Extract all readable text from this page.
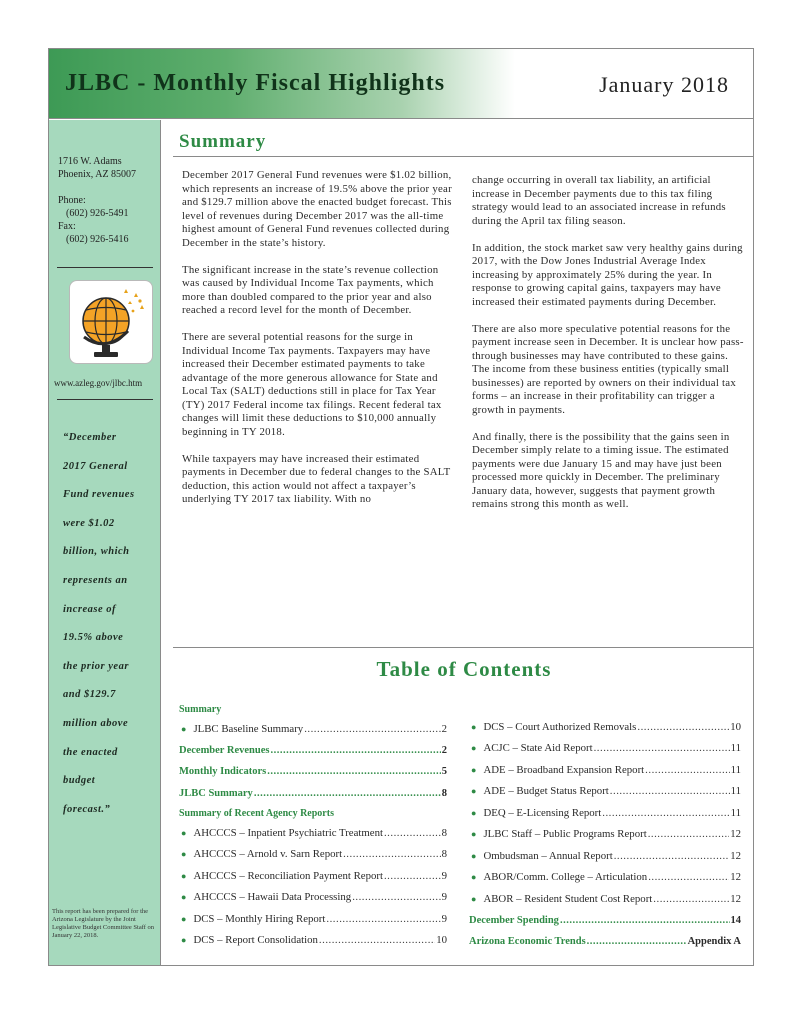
JLBC - Monthly Fiscal Highlights	January 2018
1716 W. Adams
Phoenix, AZ 85007
Phone:
(602) 926-5491
Fax:
(602) 926-5416
www.azleg.gov/jlbc.htm
“December
2017 General
Fund revenues
were $1.02
billion, which
represents an
increase of
19.5% above
the prior year
and $129.7
million above
the enacted
budget
forecast.”
This report has been prepared for the Arizona Legislature by the Joint Legislative Budget Committee Staff on January 22, 2018.
Summary

December 2017 General Fund revenues were $1.02 billion, which represents an increase of 19.5% above the prior year and $129.7 million above the enacted budget forecast. This level of revenues during December 2017 was the all-time highest amount of General Fund revenues collected during December in the state’s history.

The significant increase in the state’s revenue collection was caused by Individual Income Tax payments, which more than doubled compared to the prior year and also reached a record level for the month of December.

There are several potential reasons for the surge in Individual Income Tax payments. Taxpayers may have increased their December estimated payments to take advantage of the more generous allowance for State and Local Tax (SALT) deductions still in place for Tax Year (TY) 2017 Federal income tax filings. Recent federal tax changes will limit these deductions to $10,000 annually beginning in TY 2018.

While taxpayers may have increased their estimated payments in December due to federal changes to the SALT deduction, this action would not affect a taxpayer’s underlying TY 2017 tax liability. With no

change occurring in overall tax liability, an artificial increase in December payments due to this tax filing strategy would lead to an associated increase in refunds during the April tax filing season.

In addition, the stock market saw very healthy gains during 2017, with the Dow Jones Industrial Average Index increasing by approximately 25% during the year. In response to growing capital gains, taxpayers may have increased their estimated payments during December.

There are also more speculative potential reasons for the payment increase seen in December. It is unclear how pass-through businesses may have contributed to these gains. The income from these business entities (typically small businesses) are reported by owners on their individual tax forms – an increase in their profitability can trigger a growth in payments.

And finally, there is the possibility that the gains seen in December simply relate to a timing issue. The estimated payments were due January 15 and may have just been processed more quickly in December. The preliminary January data, however, suggests that payment growth remains strong this month as well.

Table of Contents
Summary
● JLBC Baseline Summary .....	2
December Revenues .....	2
Monthly Indicators .....	5
JLBC Summary .....	8
Summary of Recent Agency Reports
● AHCCCS – Inpatient Psychiatric Treatment .....	8
● AHCCCS – Arnold v. Sarn Report .....	8
● AHCCCS – Reconciliation Payment Report .....	9
● AHCCCS – Hawaii Data Processing .....	9
● DCS – Monthly Hiring Report .....	9
● DCS – Report Consolidation .....	10
● DCS – Court Authorized Removals .....	10
● ACJC – State Aid Report .....	11
● ADE – Broadband Expansion Report .....	11
● ADE – Budget Status Report .....	11
● DEQ – E-Licensing Report .....	11
● JLBC Staff – Public Programs Report .....	12
● Ombudsman – Annual Report .....	12
● ABOR/Comm. College – Articulation .....	12
● ABOR – Resident Student Cost Report .....	12
December Spending .....	14
Arizona Economic Trends .....	Appendix A
